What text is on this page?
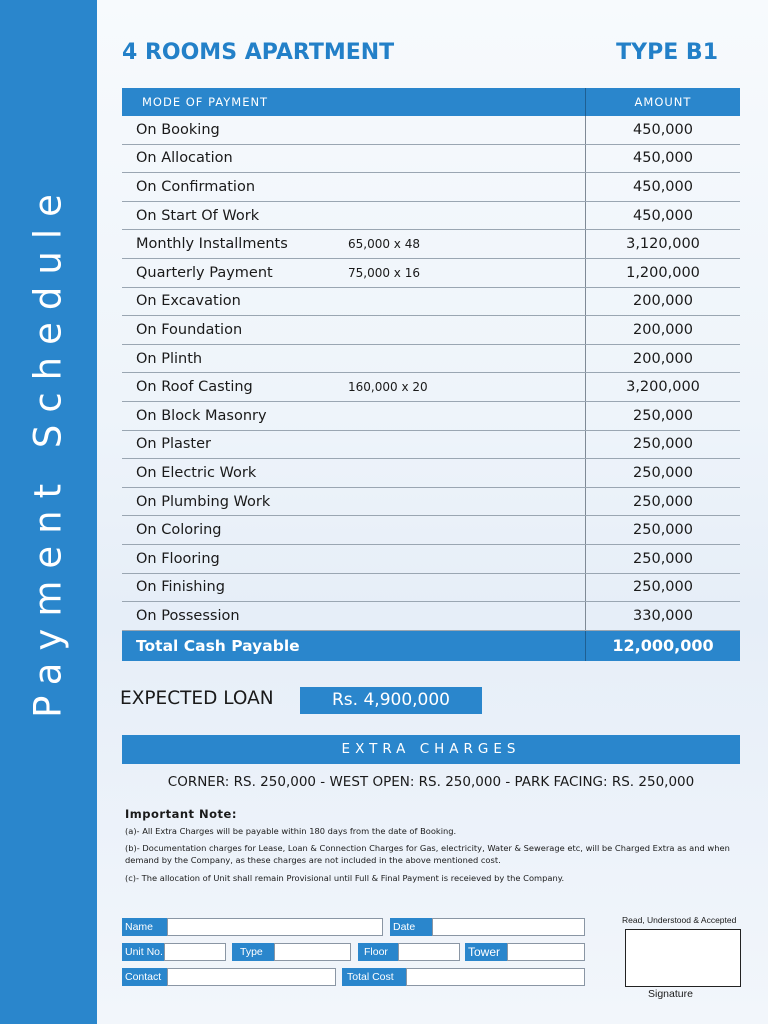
Payment Schedule
4 ROOMS APARTMENT	TYPE B1
MODE OF PAYMENT		AMOUNT
On Booking		450,000
On Allocation		450,000
On Confirmation		450,000
On Start Of Work		450,000
Monthly Installments	65,000 x 48	3,120,000
Quarterly Payment	75,000 x 16	1,200,000
On Excavation		200,000
On Foundation		200,000
On Plinth		200,000
On Roof Casting	160,000 x 20	3,200,000
On Block Masonry		250,000
On Plaster		250,000
On Electric Work		250,000
On Plumbing Work		250,000
On Coloring		250,000
On Flooring		250,000
On Finishing		250,000
On Possession		330,000
Total Cash Payable		12,000,000
EXPECTED LOAN	Rs. 4,900,000
EXTRA CHARGES
CORNER: RS. 250,000 - WEST OPEN: RS. 250,000 - PARK FACING: RS. 250,000
Important Note:
(a)- All Extra Charges will be payable within 180 days from the date of Booking.
(b)- Documentation charges for Lease, Loan & Connection Charges for Gas, electricity, Water & Sewerage etc, will be Charged Extra as and when demand by the Company, as these charges are not included in the above mentioned cost.
(c)- The allocation of Unit shall remain Provisional until Full & Final Payment is receieved by the Company.
Name	Date
Unit No.	Type	Floor	Tower
Contact	Total Cost
Read, Understood & Accepted
Signature
